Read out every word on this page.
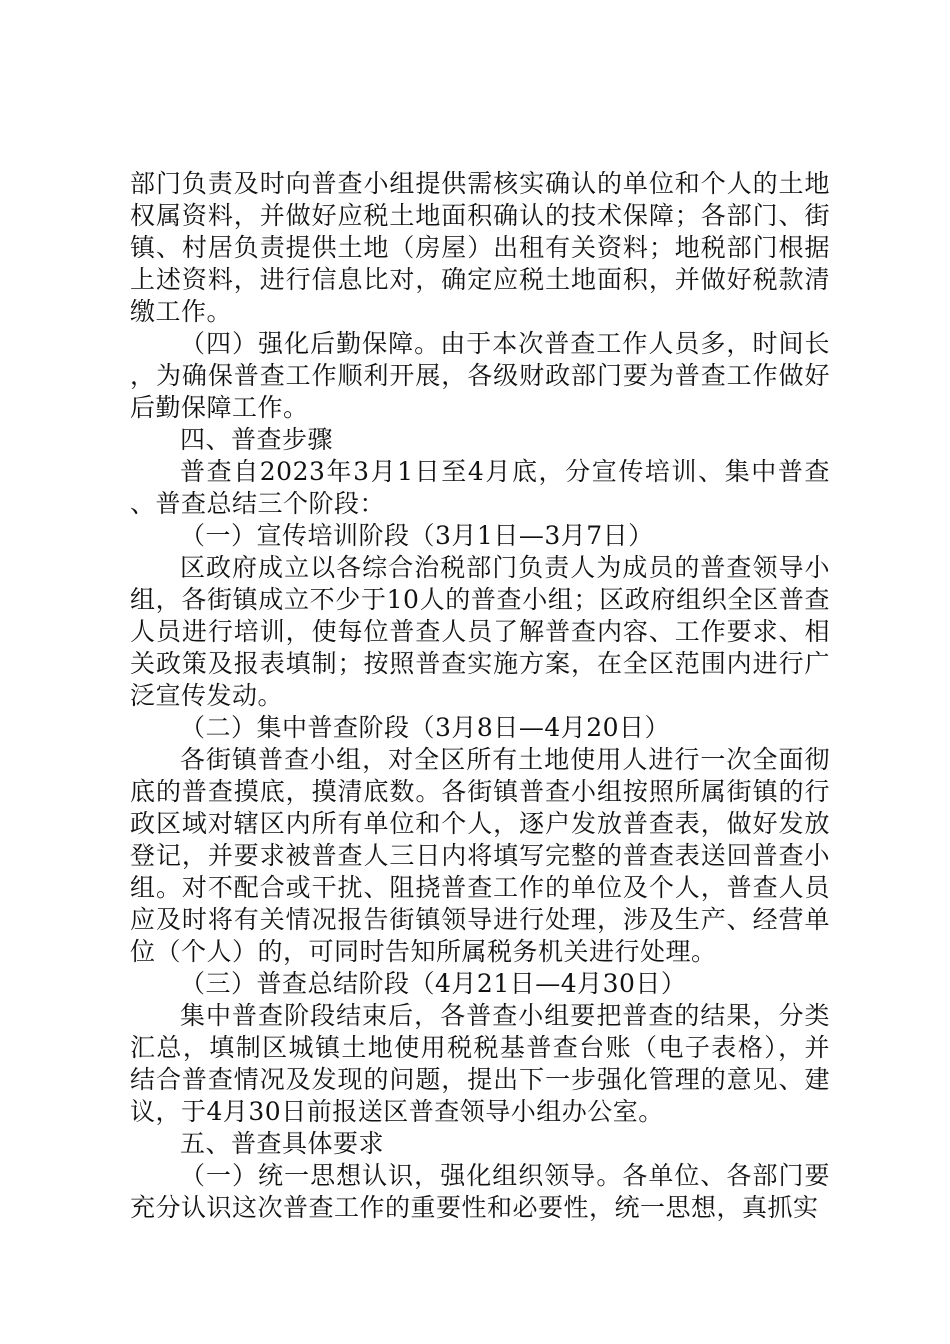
部门负责及时向普查小组提供需核实确认的单位和个人的土地权属资料，并做好应税土地面积确认的技术保障；各部门、街镇、村居负责提供土地（房屋）出租有关资料；地税部门根据上述资料，进行信息比对，确定应税土地面积，并做好税款清缴工作。

（四）强化后勤保障。由于本次普查工作人员多，时间长，为确保普查工作顺利开展，各级财政部门要为普查工作做好后勤保障工作。

四、普查步骤

普查自2023年3月1日至4月底，分宣传培训、集中普查、普查总结三个阶段：

（一）宣传培训阶段（3月1日—3月7日）

区政府成立以各综合治税部门负责人为成员的普查领导小组，各街镇成立不少于10人的普查小组；区政府组织全区普查人员进行培训，使每位普查人员了解普查内容、工作要求、相关政策及报表填制；按照普查实施方案，在全区范围内进行广泛宣传发动。

（二）集中普查阶段（3月8日—4月20日）

各街镇普查小组，对全区所有土地使用人进行一次全面彻底的普查摸底，摸清底数。各街镇普查小组按照所属街镇的行政区域对辖区内所有单位和个人，逐户发放普查表，做好发放登记，并要求被普查人三日内将填写完整的普查表送回普查小组。对不配合或干扰、阻挠普查工作的单位及个人，普查人员应及时将有关情况报告街镇领导进行处理，涉及生产、经营单位（个人）的，可同时告知所属税务机关进行处理。

（三）普查总结阶段（4月21日—4月30日）

集中普查阶段结束后，各普查小组要把普查的结果，分类汇总，填制区城镇土地使用税税基普查台账（电子表格），并结合普查情况及发现的问题，提出下一步强化管理的意见、建议，于4月30日前报送区普查领导小组办公室。

五、普查具体要求

（一）统一思想认识，强化组织领导。各单位、各部门要充分认识这次普查工作的重要性和必要性，统一思想，真抓实
